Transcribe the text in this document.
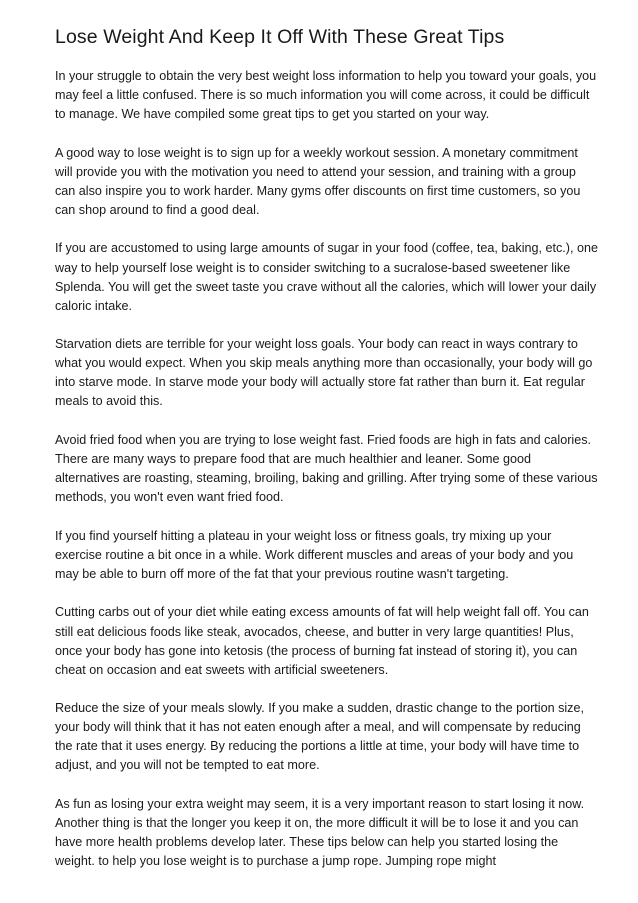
Lose Weight And Keep It Off With These Great Tips

In your struggle to obtain the very best weight loss information to help you toward your goals, you may feel a little confused. There is so much information you will come across, it could be difficult to manage. We have compiled some great tips to get you started on your way.

A good way to lose weight is to sign up for a weekly workout session. A monetary commitment will provide you with the motivation you need to attend your session, and training with a group can also inspire you to work harder. Many gyms offer discounts on first time customers, so you can shop around to find a good deal.

If you are accustomed to using large amounts of sugar in your food (coffee, tea, baking, etc.), one way to help yourself lose weight is to consider switching to a sucralose-based sweetener like Splenda. You will get the sweet taste you crave without all the calories, which will lower your daily caloric intake.

Starvation diets are terrible for your weight loss goals. Your body can react in ways contrary to what you would expect. When you skip meals anything more than occasionally, your body will go into starve mode. In starve mode your body will actually store fat rather than burn it. Eat regular meals to avoid this.

Avoid fried food when you are trying to lose weight fast. Fried foods are high in fats and calories. There are many ways to prepare food that are much healthier and leaner. Some good alternatives are roasting, steaming, broiling, baking and grilling. After trying some of these various methods, you won't even want fried food.

If you find yourself hitting a plateau in your weight loss or fitness goals, try mixing up your exercise routine a bit once in a while. Work different muscles and areas of your body and you may be able to burn off more of the fat that your previous routine wasn't targeting.

Cutting carbs out of your diet while eating excess amounts of fat will help weight fall off. You can still eat delicious foods like steak, avocados, cheese, and butter in very large quantities! Plus, once your body has gone into ketosis (the process of burning fat instead of storing it), you can cheat on occasion and eat sweets with artificial sweeteners.

Reduce the size of your meals slowly. If you make a sudden, drastic change to the portion size, your body will think that it has not eaten enough after a meal, and will compensate by reducing the rate that it uses energy. By reducing the portions a little at time, your body will have time to adjust, and you will not be tempted to eat more.

As fun as losing your extra weight may seem, it is a very important reason to start losing it now. Another thing is that the longer you keep it on, the more difficult it will be to lose it and you can have more health problems develop later. These tips below can help you started losing the weight. to help you lose weight is to purchase a jump rope. Jumping rope might
